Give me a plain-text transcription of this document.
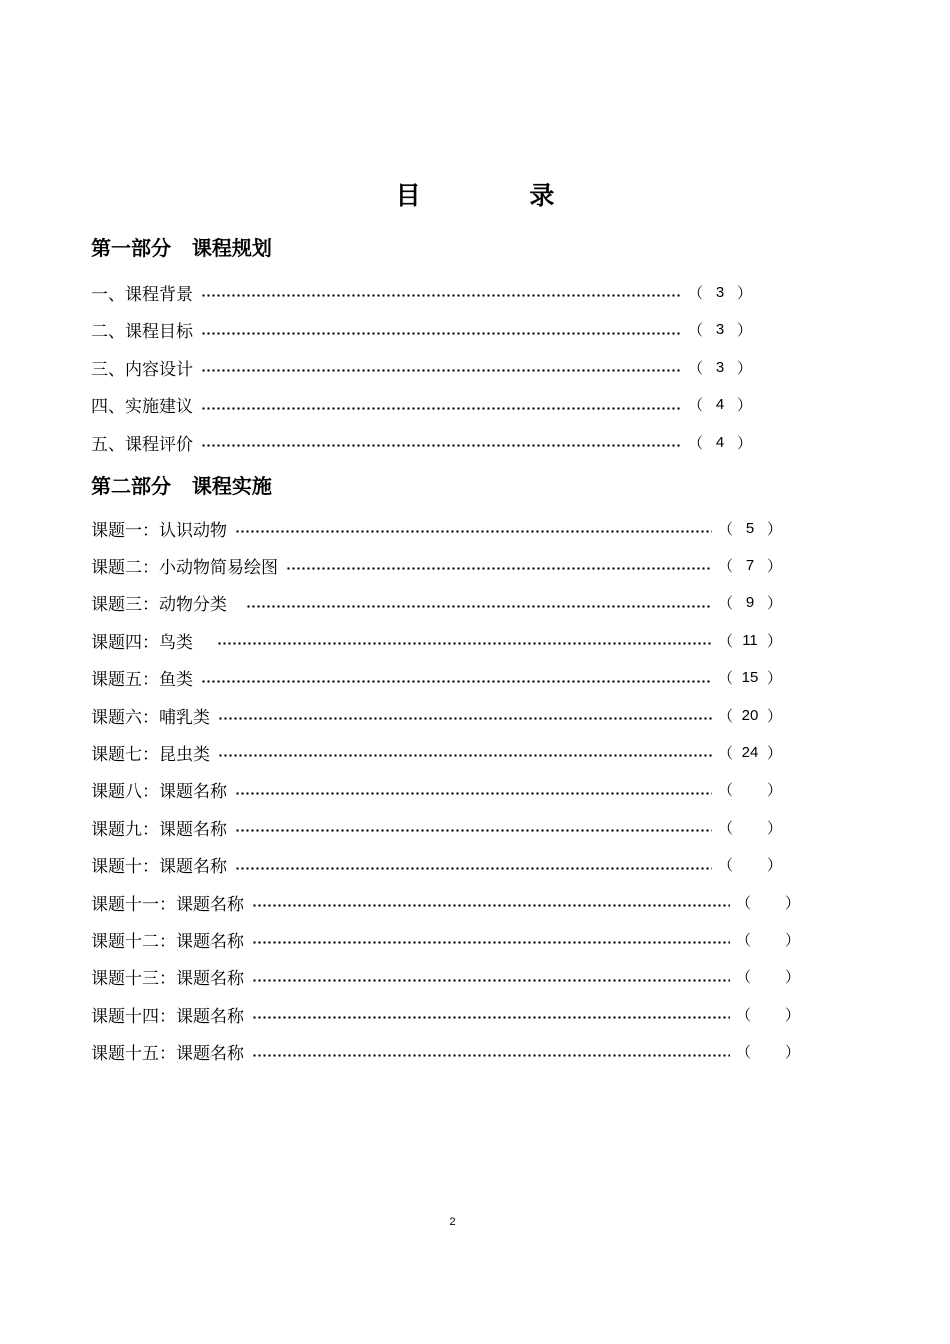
目 录
第一部分   课程规划
一、课程背景	（ 3 ）
二、课程目标	（ 3 ）
三、内容设计	（ 3 ）
四、实施建议	（ 4 ）
五、课程评价	（ 4 ）
第二部分   课程实施
课题一：认识动物	（ 5 ）
课题二：小动物简易绘图	（ 7 ）
课题三：动物分类	（ 9 ）
课题四：鸟类	（ 11 ）
课题五：鱼类	（ 15 ）
课题六：哺乳类	（ 20 ）
课题七：昆虫类	（ 24 ）
课题八：课题名称	（ ）
课题九：课题名称	（ ）
课题十：课题名称	（ ）
课题十一：课题名称	（ ）
课题十二：课题名称	（ ）
课题十三：课题名称	（ ）
课题十四：课题名称	（ ）
课题十五：课题名称	（ ）
2
